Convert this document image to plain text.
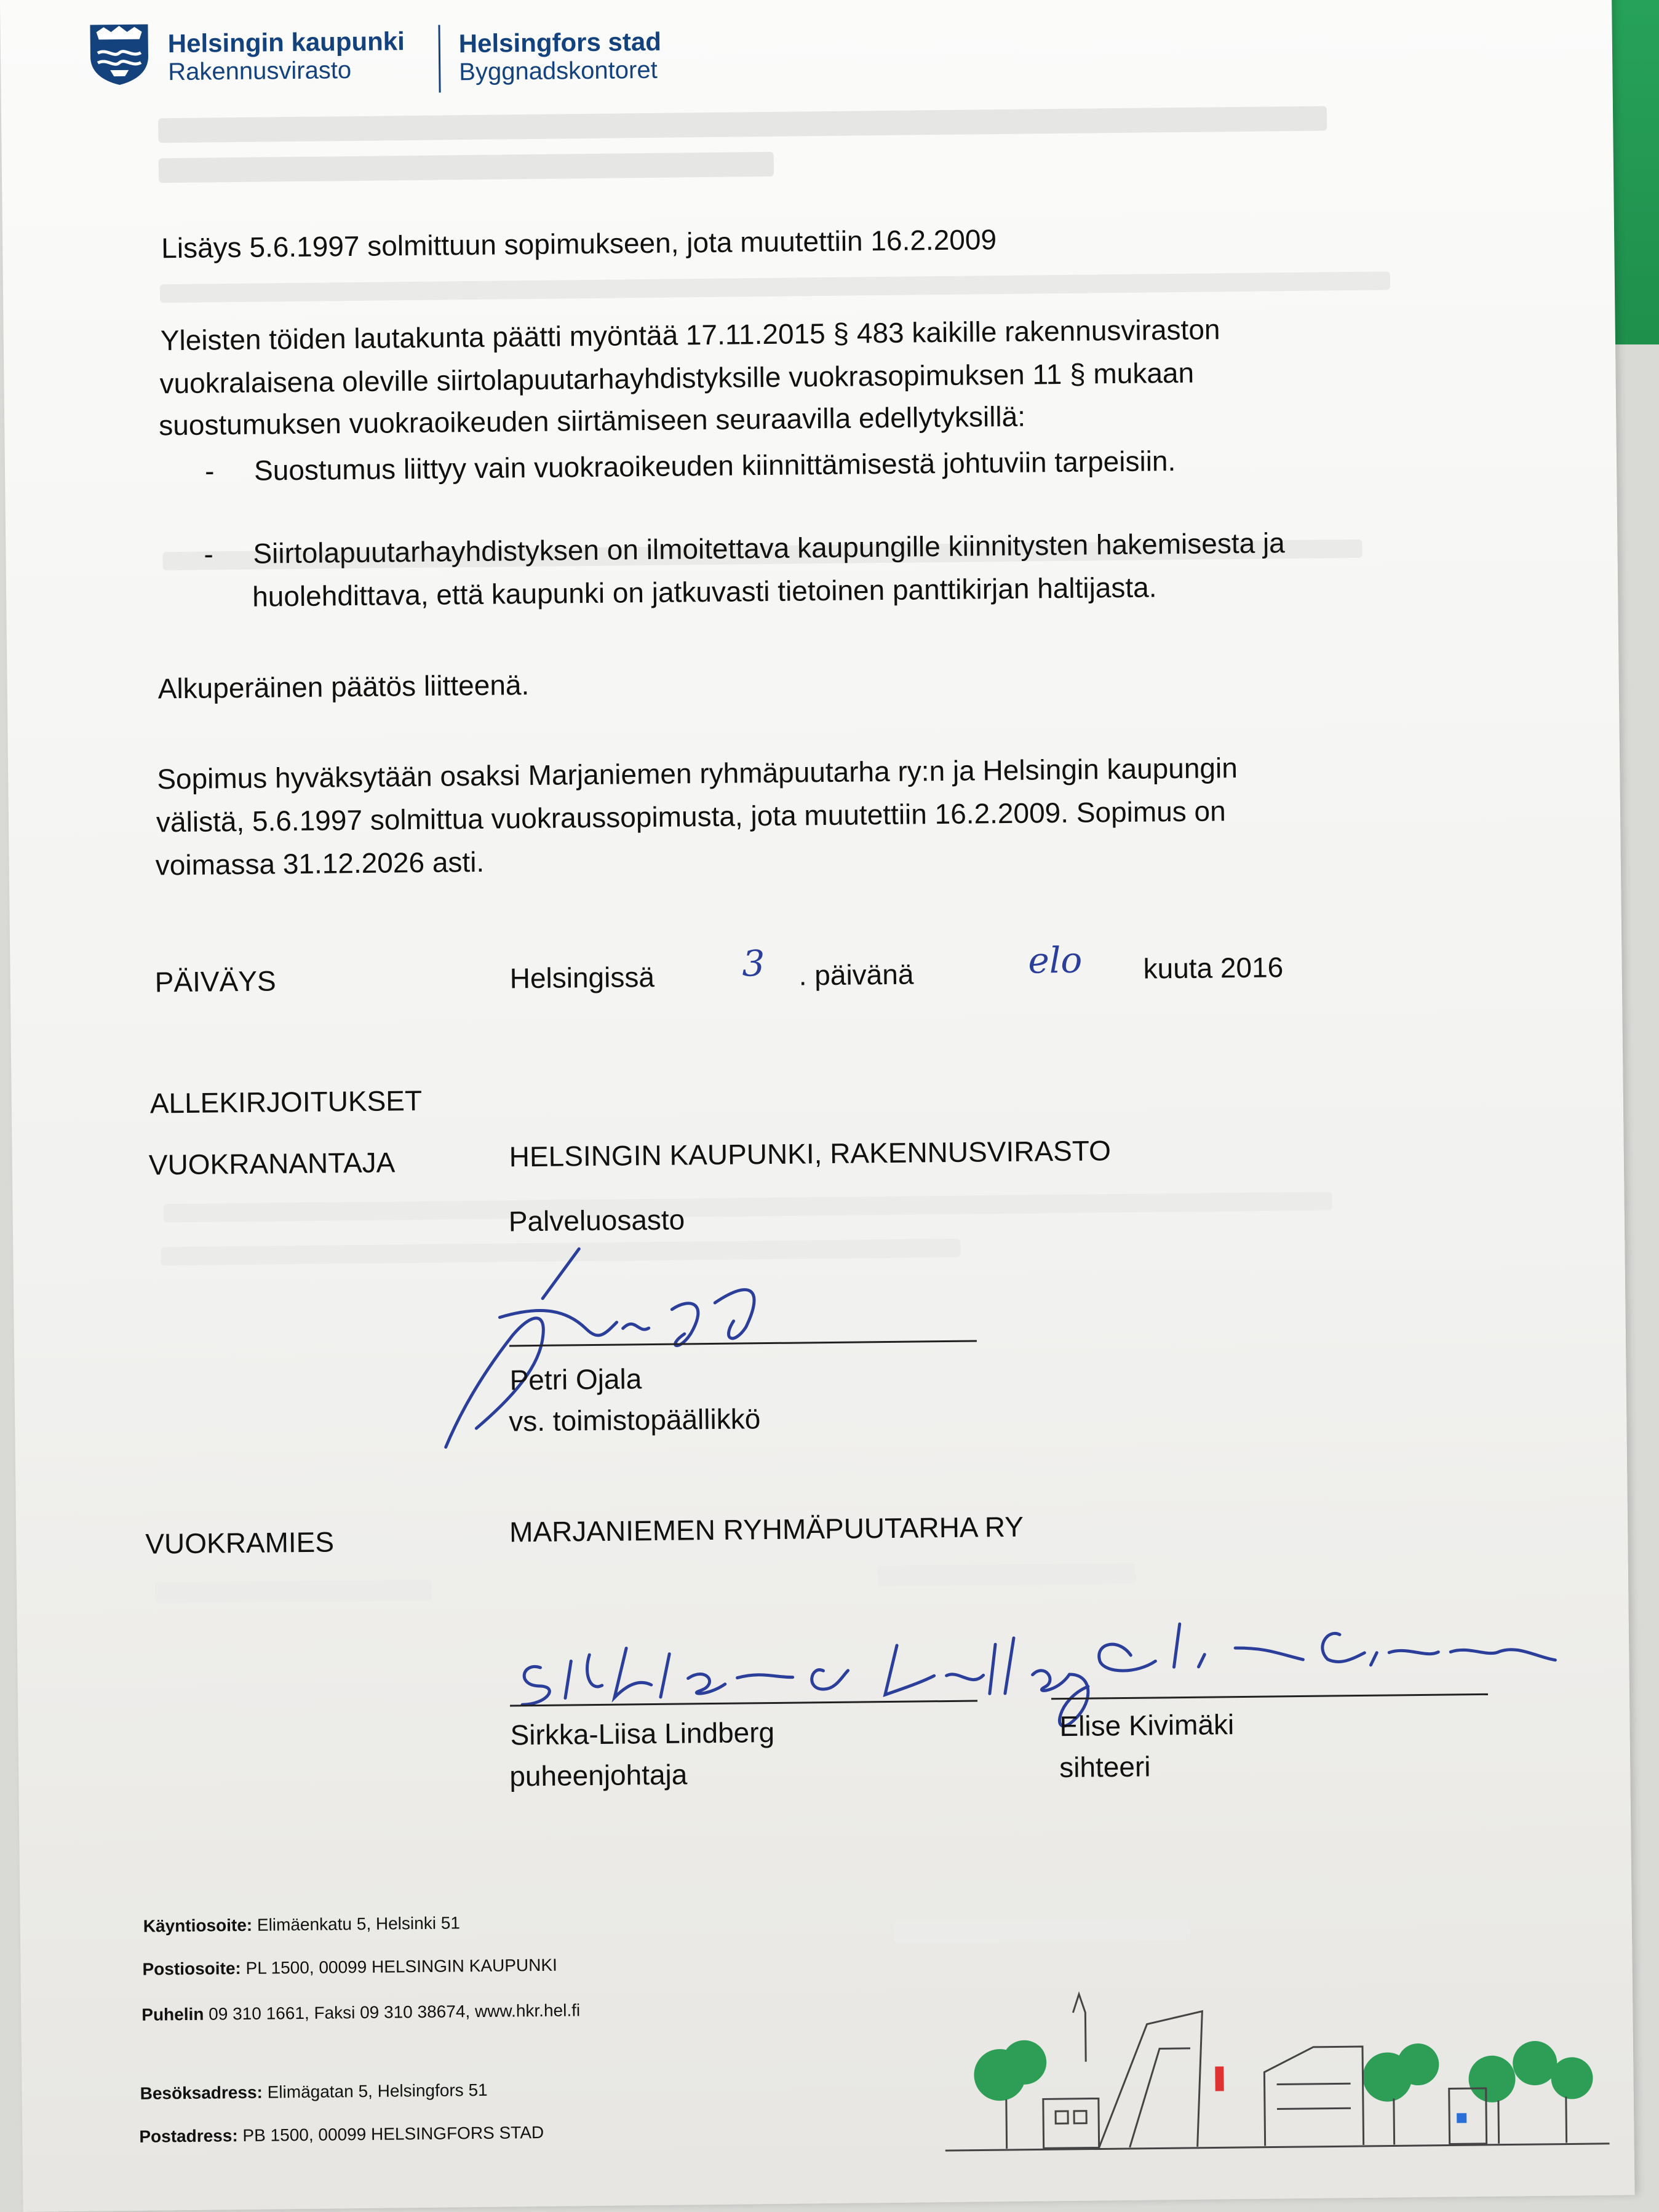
Helsingin kaupunki
Rakennusvirasto
Helsingfors stad
Byggnadskontoret
Lisäys 5.6.1997 solmittuun sopimukseen, jota muutettiin 16.2.2009
Yleisten töiden lautakunta päätti myöntää 17.11.2015 § 483 kaikille rakennusviraston
vuokralaisena oleville siirtolapuutarhayhdistyksille vuokrasopimuksen 11 § mukaan
suostumuksen vuokraoikeuden siirtämiseen seuraavilla edellytyksillä:
- Suostumus liittyy vain vuokraoikeuden kiinnittämisestä johtuviin tarpeisiin.
- Siirtolapuutarhayhdistyksen on ilmoitettava kaupungille kiinnitysten hakemisesta ja
huolehdittava, että kaupunki on jatkuvasti tietoinen panttikirjan haltijasta.
Alkuperäinen päätös liitteenä.
Sopimus hyväksytään osaksi Marjaniemen ryhmäpuutarha ry:n ja Helsingin kaupungin
välistä, 5.6.1997 solmittua vuokraussopimusta, jota muutettiin 16.2.2009. Sopimus on
voimassa 31.12.2026 asti.
PÄIVÄYS	Helsingissä 3 . päivänä	elo kuuta 2016
ALLEKIRJOITUKSET
VUOKRANANTAJA	HELSINGIN KAUPUNKI, RAKENNUSVIRASTO
Palveluosasto
Petri Ojala
vs. toimistopäällikkö
VUOKRAMIES	MARJANIEMEN RYHMÄPUUTARHA RY
Sirkka-Liisa Lindberg
puheenjohtaja
Elise Kivimäki
sihteeri
Käyntiosoite: Elimäenkatu 5, Helsinki 51
Postiosoite: PL 1500, 00099 HELSINGIN KAUPUNKI
Puhelin 09 310 1661, Faksi 09 310 38674, www.hkr.hel.fi
Besöksadress: Elimägatan 5, Helsingfors 51
Postadress: PB 1500, 00099 HELSINGFORS STAD
